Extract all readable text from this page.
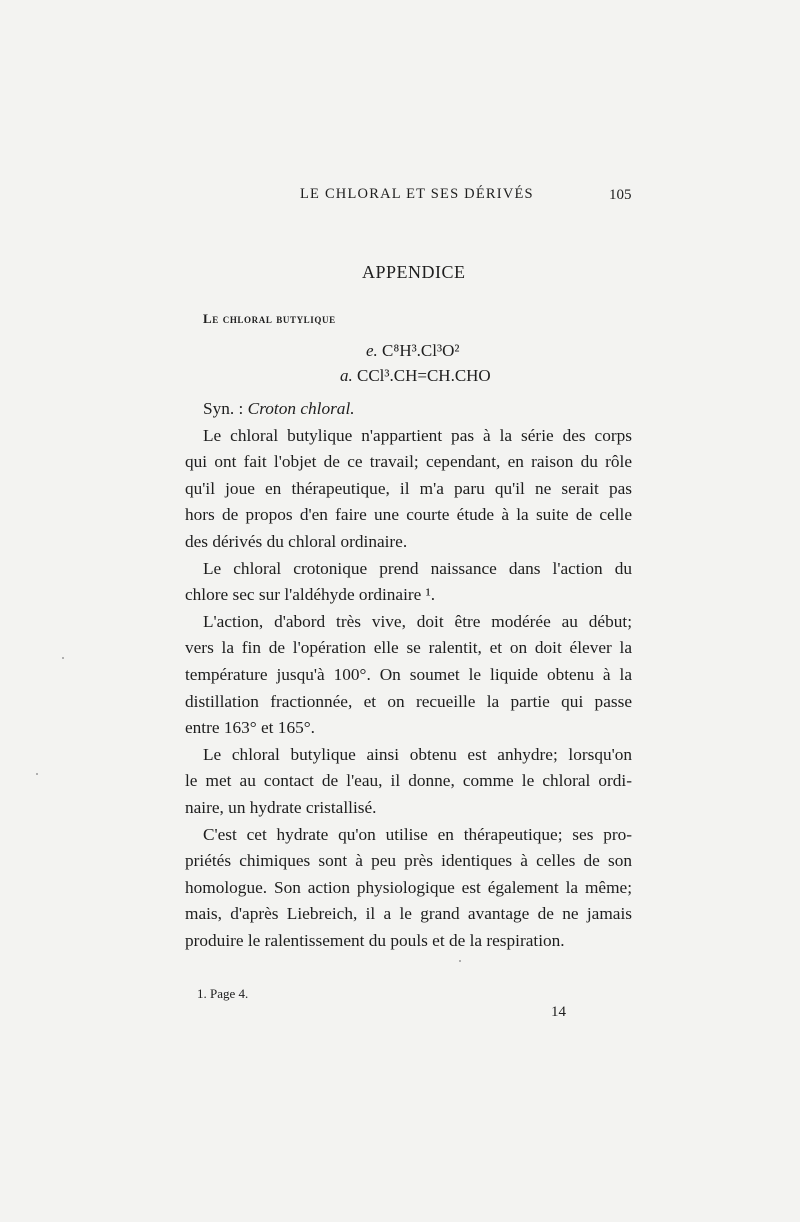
LE CHLORAL ET SES DÉRIVÉS	105
APPENDICE
Le chloral butylique
e. C⁸H³.Cl³O²
a. CCl³.CH=CH.CHO
Syn. : Croton chloral.
Le chloral butylique n'appartient pas à la série des corps
qui ont fait l'objet de ce travail; cependant, en raison du rôle
qu'il joue en thérapeutique, il m'a paru qu'il ne serait pas
hors de propos d'en faire une courte étude à la suite de celle
des dérivés du chloral ordinaire.
Le chloral crotonique prend naissance dans l'action du
chlore sec sur l'aldéhyde ordinaire ¹.
L'action, d'abord très vive, doit être modérée au début;
vers la fin de l'opération elle se ralentit, et on doit élever la
température jusqu'à 100°. On soumet le liquide obtenu à la
distillation fractionnée, et on recueille la partie qui passe
entre 163° et 165°.
Le chloral butylique ainsi obtenu est anhydre; lorsqu'on
le met au contact de l'eau, il donne, comme le chloral ordi-
naire, un hydrate cristallisé.
C'est cet hydrate qu'on utilise en thérapeutique; ses pro-
priétés chimiques sont à peu près identiques à celles de son
homologue. Son action physiologique est également la même;
mais, d'après Liebreich, il a le grand avantage de ne jamais
produire le ralentissement du pouls et de la respiration.
1. Page 4.
14
